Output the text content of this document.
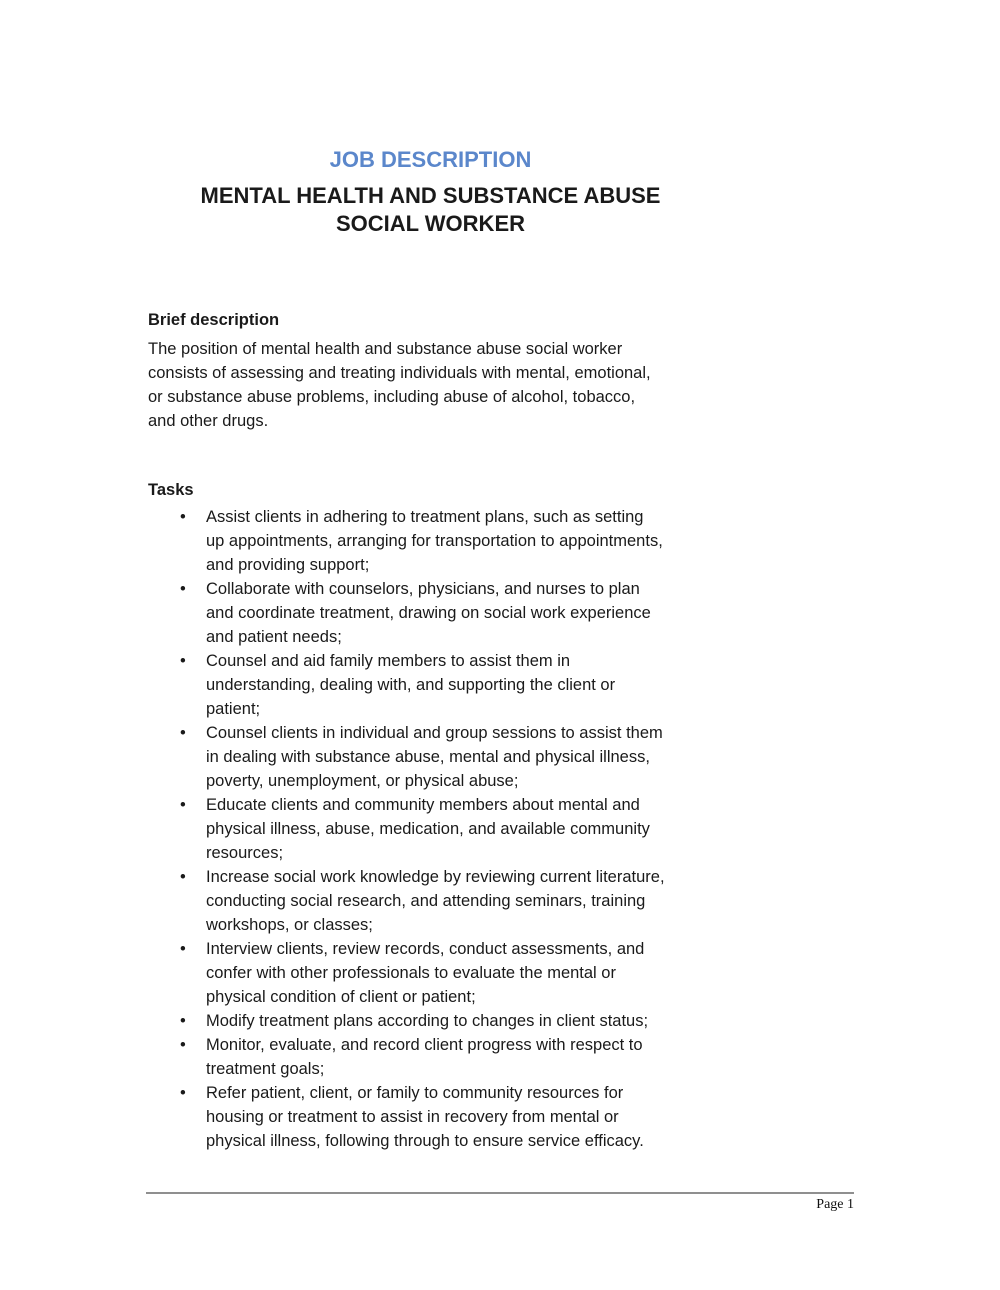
JOB DESCRIPTION
MENTAL HEALTH AND SUBSTANCE ABUSE
SOCIAL WORKER
Brief description

The position of mental health and substance abuse social worker
consists of assessing and treating individuals with mental, emotional,
or substance abuse problems, including abuse of alcohol, tobacco,
and other drugs.

Tasks
• Assist clients in adhering to treatment plans, such as setting
up appointments, arranging for transportation to appointments,
and providing support;
• Collaborate with counselors, physicians, and nurses to plan
and coordinate treatment, drawing on social work experience
and patient needs;
• Counsel and aid family members to assist them in
understanding, dealing with, and supporting the client or
patient;
• Counsel clients in individual and group sessions to assist them
in dealing with substance abuse, mental and physical illness,
poverty, unemployment, or physical abuse;
• Educate clients and community members about mental and
physical illness, abuse, medication, and available community
resources;
• Increase social work knowledge by reviewing current literature,
conducting social research, and attending seminars, training
workshops, or classes;
• Interview clients, review records, conduct assessments, and
confer with other professionals to evaluate the mental or
physical condition of client or patient;
• Modify treatment plans according to changes in client status;
• Monitor, evaluate, and record client progress with respect to
treatment goals;
• Refer patient, client, or family to community resources for
housing or treatment to assist in recovery from mental or
physical illness, following through to ensure service efficacy.
Page 1
